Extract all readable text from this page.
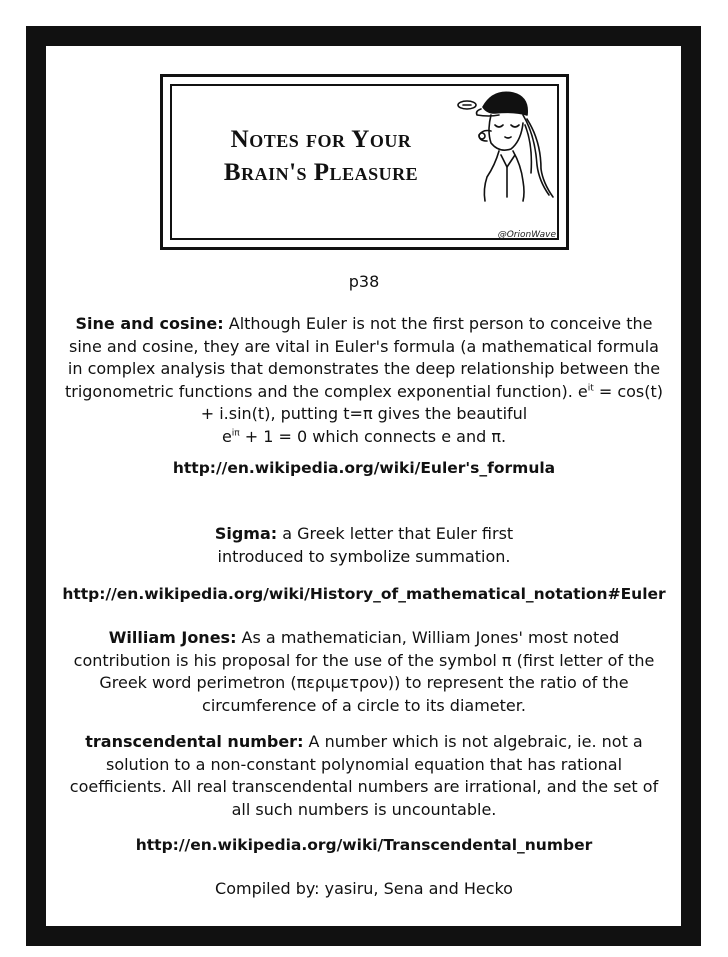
Notes for Your
Brain's Pleasure
@OrionWave
p38
Sine and cosine: Although Euler is not the first person to conceive the sine and cosine, they are vital in Euler's formula (a mathematical formula in complex analysis that demonstrates the deep relationship between the trigonometric functions and the complex exponential function). $e^{it} = \cos(t) + i.\sin(t)$, putting t=π gives the beautiful
$e^{i\pi} + 1 = 0$ which connects e and π.
http://en.wikipedia.org/wiki/Euler's_formula
Sigma: a Greek letter that Euler first introduced to symbolize summation.
http://en.wikipedia.org/wiki/History_of_mathematical_notation#Euler
William Jones: As a mathematician, William Jones' most noted contribution is his proposal for the use of the symbol π (first letter of the Greek word perimetron (περιμετρον)) to represent the ratio of the circumference of a circle to its diameter.
transcendental number: A number which is not algebraic, ie. not a solution to a non-constant polynomial equation that has rational coefficients. All real transcendental numbers are irrational, and the set of all such numbers is uncountable.
http://en.wikipedia.org/wiki/Transcendental_number
Compiled by: yasiru, Sena and Hecko
